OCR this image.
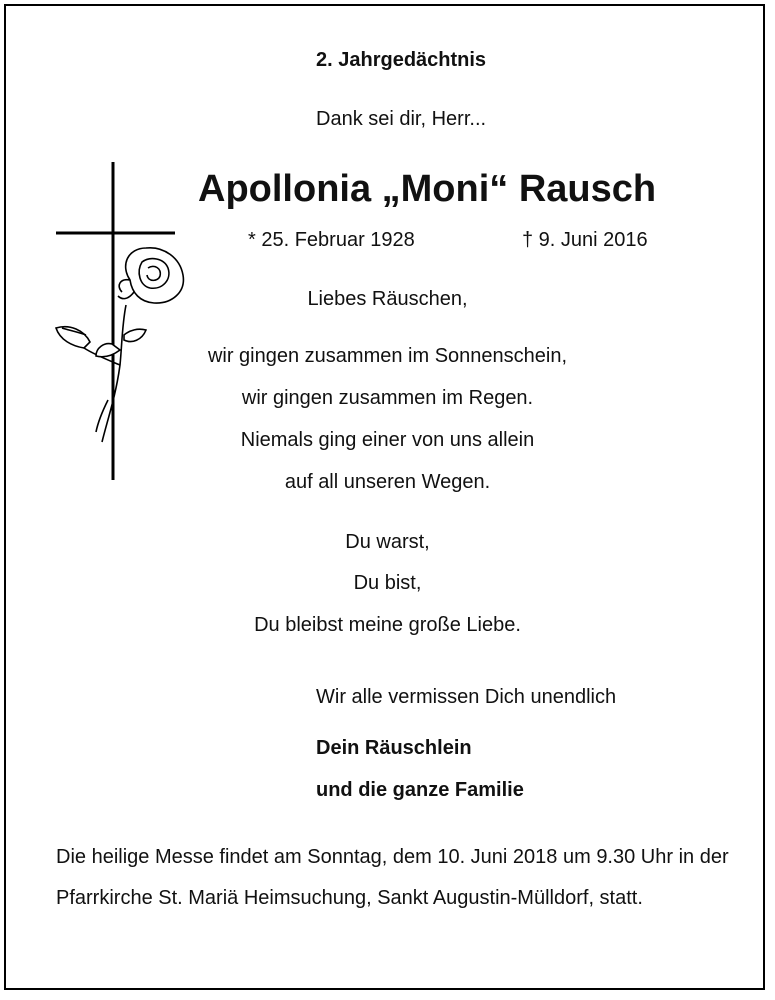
2. Jahrgedächtnis
Dank sei dir, Herr...
Apollonia „Moni“ Rausch
* 25. Februar 1928	† 9. Juni 2016
Liebes Räuschen,
wir gingen zusammen im Sonnenschein,
wir gingen zusammen im Regen.
Niemals ging einer von uns allein
auf all unseren Wegen.
Du warst,
Du bist,
Du bleibst meine große Liebe.
Wir alle vermissen Dich unendlich
Dein Räuschlein
und die ganze Familie
Die heilige Messe findet am Sonntag, dem 10. Juni 2018 um 9.30 Uhr in der Pfarrkirche St. Mariä Heimsuchung, Sankt Augustin-Mülldorf, statt.
